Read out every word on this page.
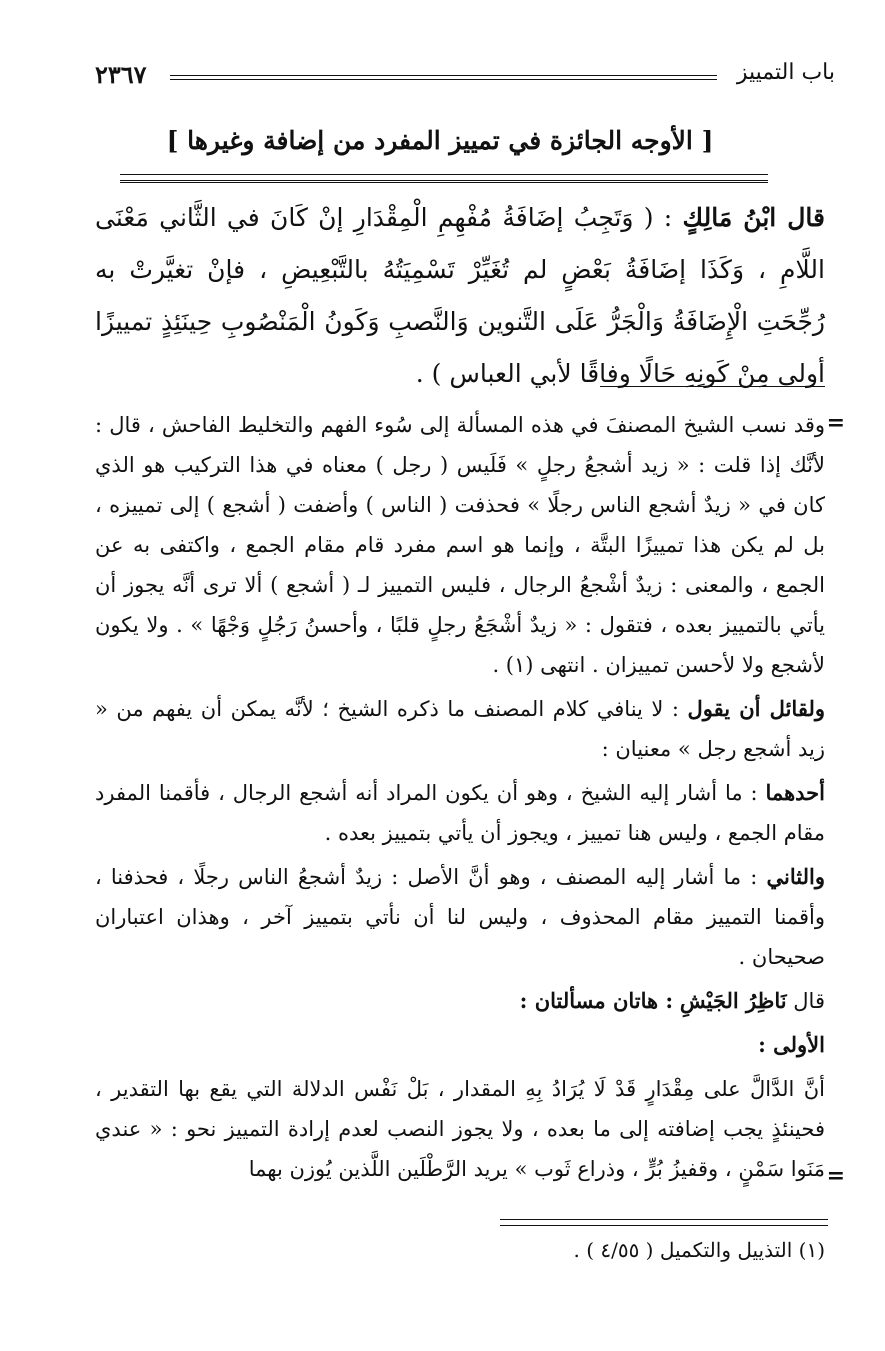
باب التمييز
٢٣٦٧
[ الأوجه الجائزة في تمييز المفرد من إضافة وغيرها ]
قال ابْنُ مَالِكٍ : ( وَتَجِبُ إضَافَةُ مُفْهِمِ الْمِقْدَارِ إنْ كَانَ في الثَّاني مَعْنَى اللَّامِ ، وَكَذَا إضَافَةُ بَعْضٍ لم تُغَيِّرْ تَسْمِيَتُهُ بالتَّبْعِيضِ ، فإنْ تغيَّرتْ به رُجِّحَتِ الْإِضَافَةُ وَالْجَرُّ عَلَى التَّنوين وَالنَّصبِ وَكَونُ الْمَنْصُوبِ حِينَئِذٍ تمييزًا أولى مِنْ كَونِهِ حَالًا وفاقًا لأبي العباس ) .
=

وقد نسب الشيخ المصنفَ في هذه المسألة إلى سُوء الفهم والتخليط الفاحش ، قال : لأنَّك إذا قلت : « زيد أشجعُ رجلٍ » فَلَيس ( رجل ) معناه في هذا التركيب هو الذي كان في « زيدٌ أشجع الناس رجلًا » فحذفت ( الناس ) وأضفت ( أشجع ) إلى تمييزه ، بل لم يكن هذا تمييزًا البتَّة ، وإنما هو اسم مفرد قام مقام الجمع ، واكتفى به عن الجمع ، والمعنى : زيدٌ أشْجعُ الرجال ، فليس التمييز لـ ( أشجع ) ألا ترى أنَّه يجوز أن يأتي بالتمييز بعده ، فتقول : « زيدٌ أشْجَعُ رجلٍ قلبًا ، وأحسنُ رَجُلٍ وَجْهًا » . ولا يكون لأشجع ولا لأحسن تمييزان . انتهى (١) .

ولقائل أن يقول : لا ينافي كلام المصنف ما ذكره الشيخ ؛ لأنَّه يمكن أن يفهم من « زيد أشجع رجل » معنيان :

أحدهما : ما أشار إليه الشيخ ، وهو أن يكون المراد أنه أشجع الرجال ، فأقمنا المفرد مقام الجمع ، وليس هنا تمييز ، ويجوز أن يأتي بتمييز بعده .

والثاني : ما أشار إليه المصنف ، وهو أنَّ الأصل : زيدٌ أشجعُ الناس رجلًا ، فحذفنا ، وأقمنا التمييز مقام المحذوف ، وليس لنا أن نأتي بتمييز آخر ، وهذان اعتباران صحيحان .

قال نَاظِرُ الجَيْشِ : هاتان مسألتان :

الأولى :

أنَّ الدَّالَّ على مِقْدَارٍ قَدْ لَا يُرَادُ بِهِ المقدار ، بَلْ نَفْس الدلالة التي يقع بها التقدير ، فحينئذٍ يجب إضافته إلى ما بعده ، ولا يجوز النصب لعدم إرادة التمييز نحو : « عندي مَنَوا سَمْنٍ ، وقفيزُ بُرٍّ ، وذراع ثَوب » يريد الرَّطْلَين اللَّذين يُوزن بهما =
(١) التذييل والتكميل ( ٤/٥٥ ) .
